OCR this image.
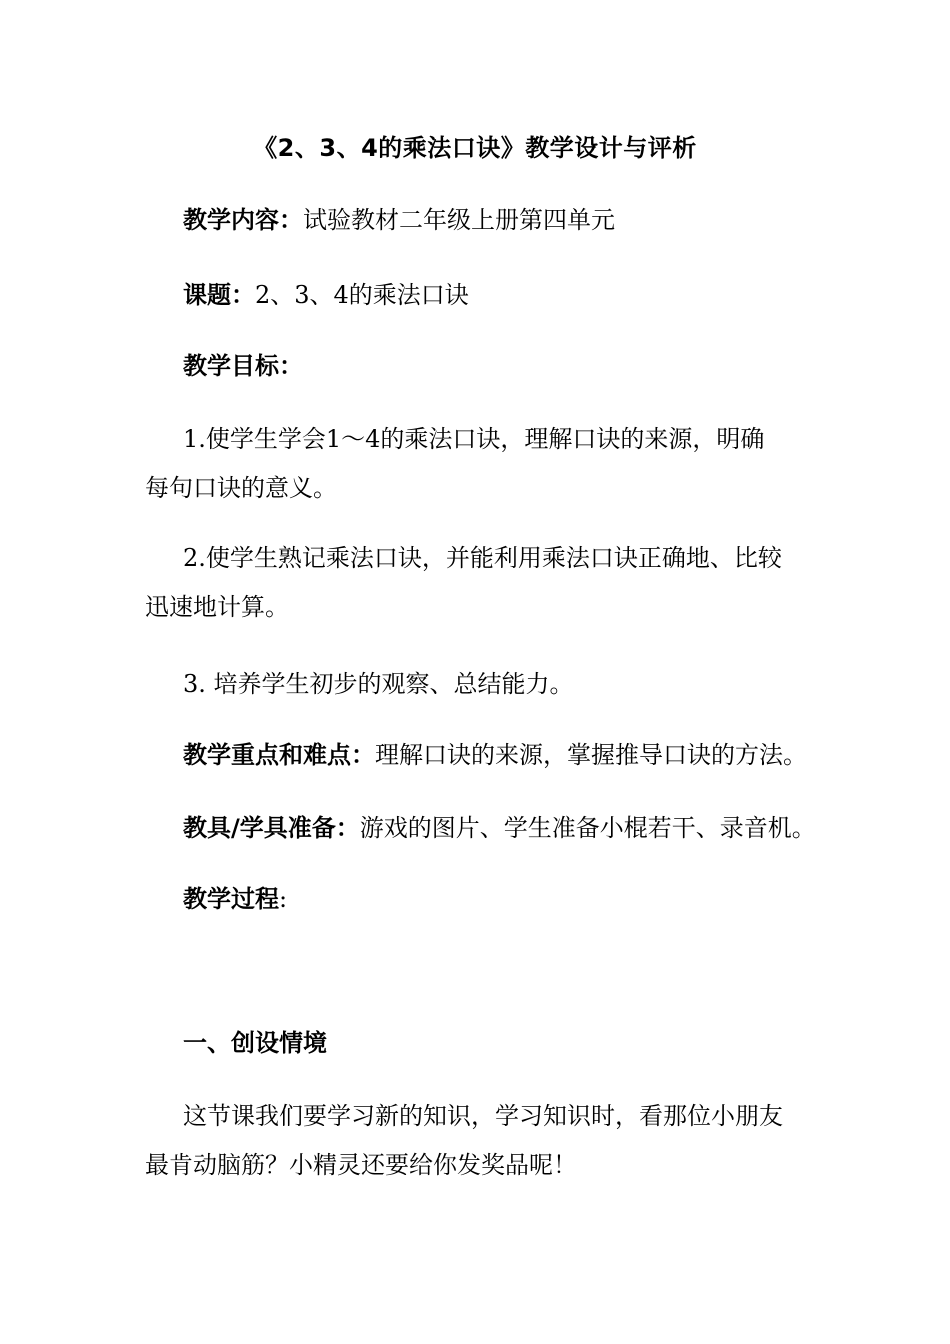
《2、3、4的乘法口诀》教学设计与评析
教学内容：试验教材二年级上册第四单元
课题：2、3、4的乘法口诀
教学目标：
1.使学生学会1～4的乘法口诀，理解口诀的来源，明确
每句口诀的意义。
2.使学生熟记乘法口诀，并能利用乘法口诀正确地、比较
迅速地计算。
3. 培养学生初步的观察、总结能力。
教学重点和难点：理解口诀的来源，掌握推导口诀的方法。
教具/学具准备：游戏的图片、学生准备小棍若干、录音机。
教学过程:
一、创设情境
这节课我们要学习新的知识，学习知识时，看那位小朋友
最肯动脑筋？小精灵还要给你发奖品呢！
